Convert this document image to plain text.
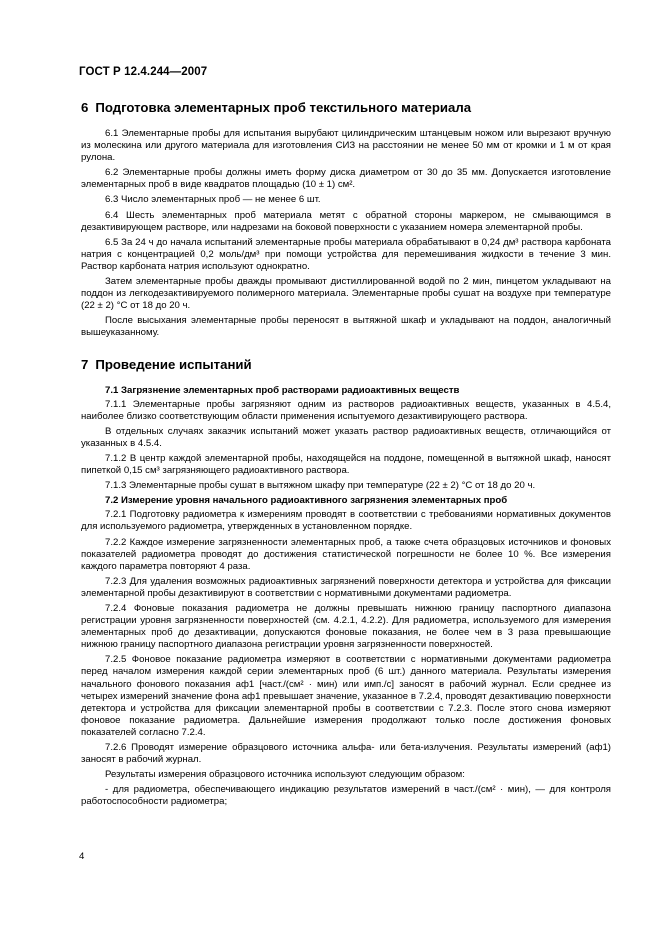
ГОСТ Р 12.4.244—2007
6 Подготовка элементарных проб текстильного материала

6.1 Элементарные пробы для испытания вырубают цилиндрическим штанцевым ножом или вырезают вручную из молескина или другого материала для изготовления СИЗ на расстоянии не менее 50 мм от кромки и 1 м от края рулона.

6.2 Элементарные пробы должны иметь форму диска диаметром от 30 до 35 мм. Допускается изготовление элементарных проб в виде квадратов площадью (10 ± 1) см².

6.3 Число элементарных проб — не менее 6 шт.

6.4 Шесть элементарных проб материала метят с обратной стороны маркером, не смывающимся в дезактивирующем растворе, или надрезами на боковой поверхности с указанием номера элементарной пробы.

6.5 За 24 ч до начала испытаний элементарные пробы материала обрабатывают в 0,24 дм³ раствора карбоната натрия с концентрацией 0,2 моль/дм³ при помощи устройства для перемешивания жидкости в течение 3 мин. Раствор карбоната натрия используют однократно.

Затем элементарные пробы дважды промывают дистиллированной водой по 2 мин, пинцетом укладывают на поддон из легкодезактивируемого полимерного материала. Элементарные пробы сушат на воздухе при температуре (22 ± 2) °С от 18 до 20 ч.

После высыхания элементарные пробы переносят в вытяжной шкаф и укладывают на поддон, аналогичный вышеуказанному.

7 Проведение испытаний

7.1 Загрязнение элементарных проб растворами радиоактивных веществ

7.1.1 Элементарные пробы загрязняют одним из растворов радиоактивных веществ, указанных в 4.5.4, наиболее близко соответствующим области применения испытуемого дезактивирующего раствора.

В отдельных случаях заказчик испытаний может указать раствор радиоактивных веществ, отличающийся от указанных в 4.5.4.

7.1.2 В центр каждой элементарной пробы, находящейся на поддоне, помещенной в вытяжной шкаф, наносят пипеткой 0,15 см³ загрязняющего радиоактивного раствора.

7.1.3 Элементарные пробы сушат в вытяжном шкафу при температуре (22 ± 2) °С от 18 до 20 ч.

7.2 Измерение уровня начального радиоактивного загрязнения элементарных проб

7.2.1 Подготовку радиометра к измерениям проводят в соответствии с требованиями нормативных документов для используемого радиометра, утвержденных в установленном порядке.

7.2.2 Каждое измерение загрязненности элементарных проб, а также счета образцовых источников и фоновых показателей радиометра проводят до достижения статистической погрешности не более 10 %. Все измерения каждого параметра повторяют 4 раза.

7.2.3 Для удаления возможных радиоактивных загрязнений поверхности детектора и устройства для фиксации элементарной пробы дезактивируют в соответствии с нормативными документами радиометра.

7.2.4 Фоновые показания радиометра не должны превышать нижнюю границу паспортного диапазона регистрации уровня загрязненности поверхностей (см. 4.2.1, 4.2.2). Для радиометра, используемого для измерения элементарных проб до дезактивации, допускаются фоновые показания, не более чем в 3 раза превышающие нижнюю границу паспортного диапазона регистрации уровня загрязненности поверхностей.

7.2.5 Фоновое показание радиометра измеряют в соответствии с нормативными документами радиометра перед началом измерения каждой серии элементарных проб (6 шт.) данного материала. Результаты измерения начального фонового показания aф1 [част./(см² · мин) или имп./с] заносят в рабочий журнал. Если среднее из четырех измерений значение фона aф1 превышает значение, указанное в 7.2.4, проводят дезактивацию поверхности детектора и устройства для фиксации элементарной пробы в соответствии с 7.2.3. После этого снова измеряют фоновое показание радиометра. Дальнейшие измерения продолжают только после достижения фоновых показателей согласно 7.2.4.

7.2.6 Проводят измерение образцового источника альфа- или бета-излучения. Результаты измерений (aф1) заносят в рабочий журнал.

Результаты измерения образцового источника используют следующим образом:

- для радиометра, обеспечивающего индикацию результатов измерений в част./(см² · мин), — для контроля работоспособности радиометра;

4
